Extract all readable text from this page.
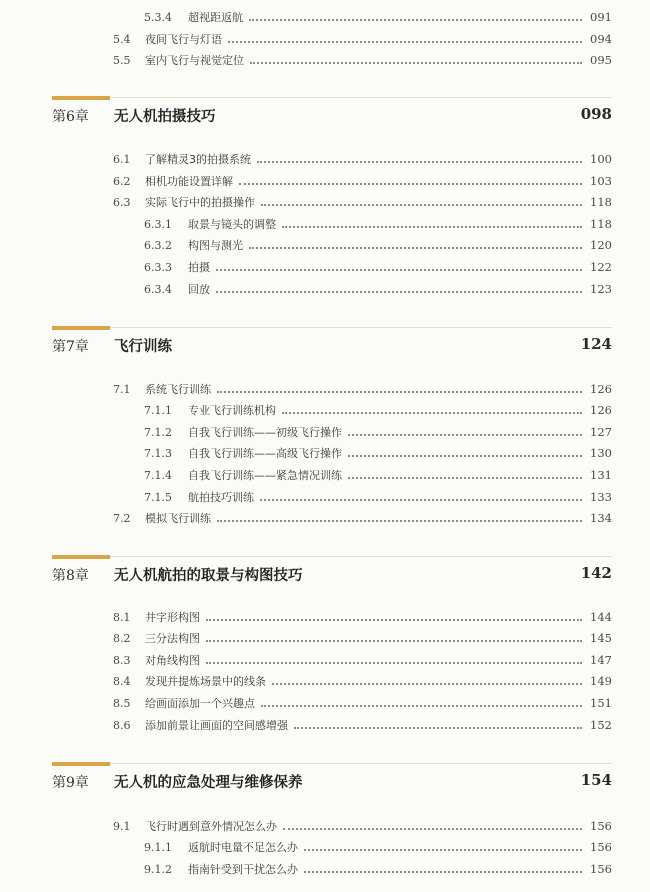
5.3.4	超视距返航	091
5.4	夜间飞行与灯语	094
5.5	室内飞行与视觉定位	095
第6章 无人机拍摄技巧	098
6.1	了解精灵3的拍摄系统	100
6.2	相机功能设置详解	103
6.3	实际飞行中的拍摄操作	118
6.3.1	取景与镜头的调整	118
6.3.2	构图与测光	120
6.3.3	拍摄	122
6.3.4	回放	123
第7章 飞行训练	124
7.1	系统飞行训练	126
7.1.1	专业飞行训练机构	126
7.1.2	自我飞行训练——初级飞行操作	127
7.1.3	自我飞行训练——高级飞行操作	130
7.1.4	自我飞行训练——紧急情况训练	131
7.1.5	航拍技巧训练	133
7.2	模拟飞行训练	134
第8章 无人机航拍的取景与构图技巧	142
8.1	井字形构图	144
8.2	三分法构图	145
8.3	对角线构图	147
8.4	发现并提炼场景中的线条	149
8.5	给画面添加一个兴趣点	151
8.6	添加前景让画面的空间感增强	152
第9章 无人机的应急处理与维修保养	154
9.1	飞行时遇到意外情况怎么办	156
9.1.1	返航时电量不足怎么办	156
9.1.2	指南针受到干扰怎么办	156
